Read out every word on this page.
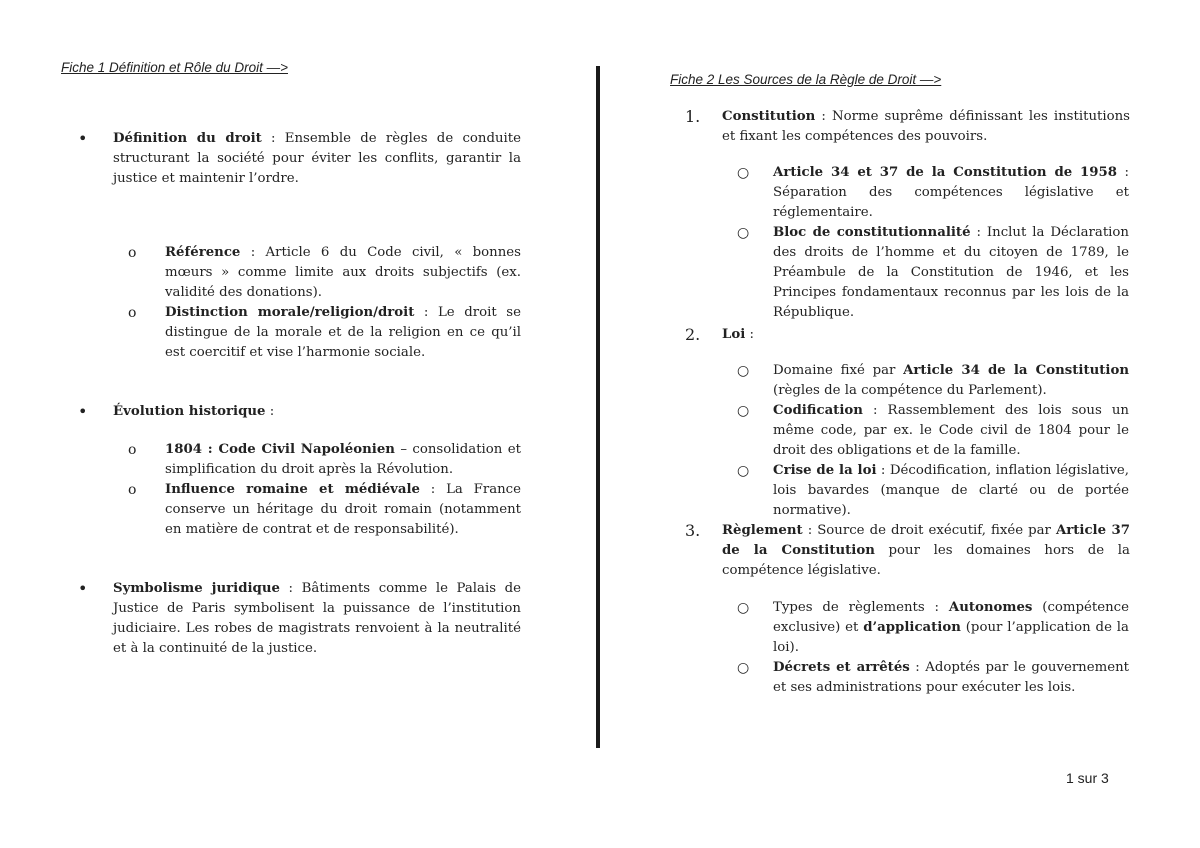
Fiche 1 Définition et Rôle du Droit —>

• Définition du droit : Ensemble de règles de conduite structurant la société pour éviter les conflits, garantir la justice et maintenir l’ordre.
o Référence : Article 6 du Code civil, « bonnes mœurs » comme limite aux droits subjectifs (ex. validité des donations).
o Distinction morale/religion/droit : Le droit se distingue de la morale et de la religion en ce qu’il est coercitif et vise l’harmonie sociale.
• Évolution historique :
o 1804 : Code Civil Napoléonien – consolidation et simplification du droit après la Révolution.
o Influence romaine et médiévale : La France conserve un héritage du droit romain (notamment en matière de contrat et de responsabilité).
• Symbolisme juridique : Bâtiments comme le Palais de Justice de Paris symbolisent la puissance de l’institution judiciaire. Les robes de magistrats renvoient à la neutralité et à la continuité de la justice.

Fiche 2 Les Sources de la Règle de Droit —>

1. Constitution : Norme suprême définissant les institutions et fixant les compétences des pouvoirs.
○ Article 34 et 37 de la Constitution de 1958 : Séparation des compétences législative et réglementaire.
○ Bloc de constitutionnalité : Inclut la Déclaration des droits de l’homme et du citoyen de 1789, le Préambule de la Constitution de 1946, et les Principes fondamentaux reconnus par les lois de la République.
2. Loi :
○ Domaine fixé par Article 34 de la Constitution (règles de la compétence du Parlement).
○ Codification : Rassemblement des lois sous un même code, par ex. le Code civil de 1804 pour le droit des obligations et de la famille.
○ Crise de la loi : Décodification, inflation législative, lois bavardes (manque de clarté ou de portée normative).
3. Règlement : Source de droit exécutif, fixée par Article 37 de la Constitution pour les domaines hors de la compétence législative.
○ Types de règlements : Autonomes (compétence exclusive) et d’application (pour l’application de la loi).
○ Décrets et arrêtés : Adoptés par le gouvernement et ses administrations pour exécuter les lois.
1 sur 3
